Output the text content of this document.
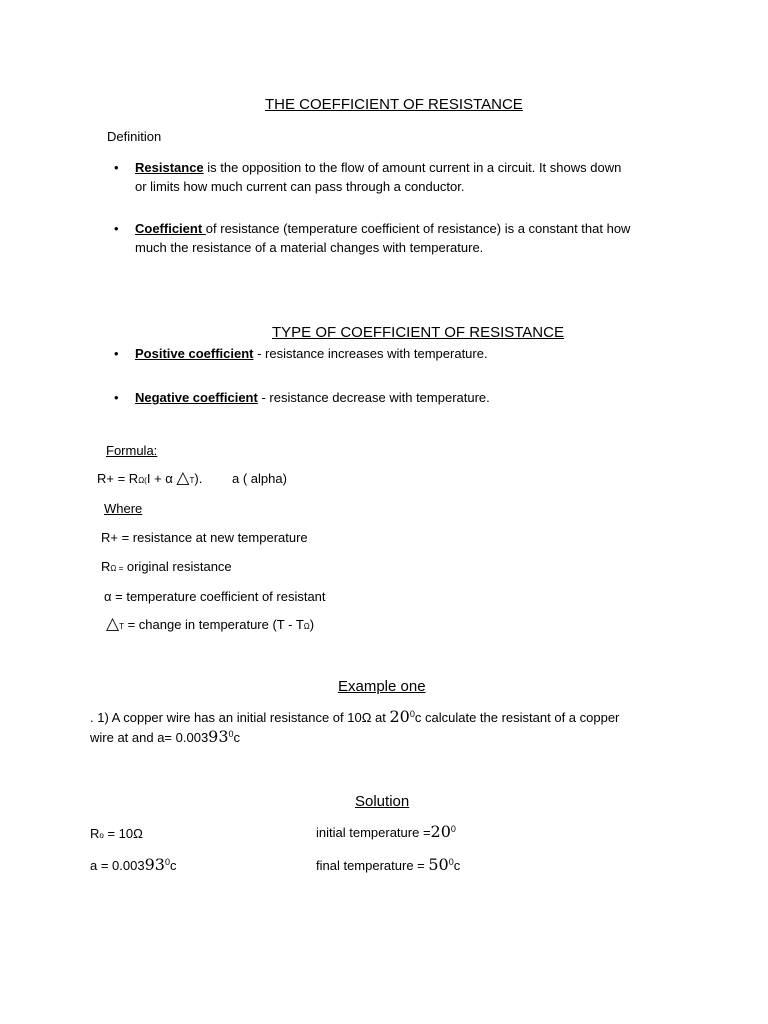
THE COEFFICIENT OF RESISTANCE
Definition
• Resistance is the opposition to the flow of amount current in a circuit. It shows down
or limits how much current can pass through a conductor.
• Coefficient of resistance (temperature coefficient of resistance) is a constant that how
much the resistance of a material changes with temperature.
TYPE OF COEFFICIENT OF RESISTANCE
• Positive coefficient - resistance increases with temperature.
• Negative coefficient - resistance decrease with temperature.
Formula:
R+ = RΩ(I + α △T). a ( alpha)
Where
R+ = resistance at new temperature
RΩ = original resistance
α = temperature coefficient of resistant
△T = change in temperature (T - TΩ)
Example one
. 1) A copper wire has an initial resistance of 10Ω at $20^0c$ calculate the resistant of a copper
wire at and $a= 0.00393^0c$
Solution
Ro = 10Ω	initial temperature $=20^0$
$a = 0.00393^0c$	final temperature = $50^0c$
